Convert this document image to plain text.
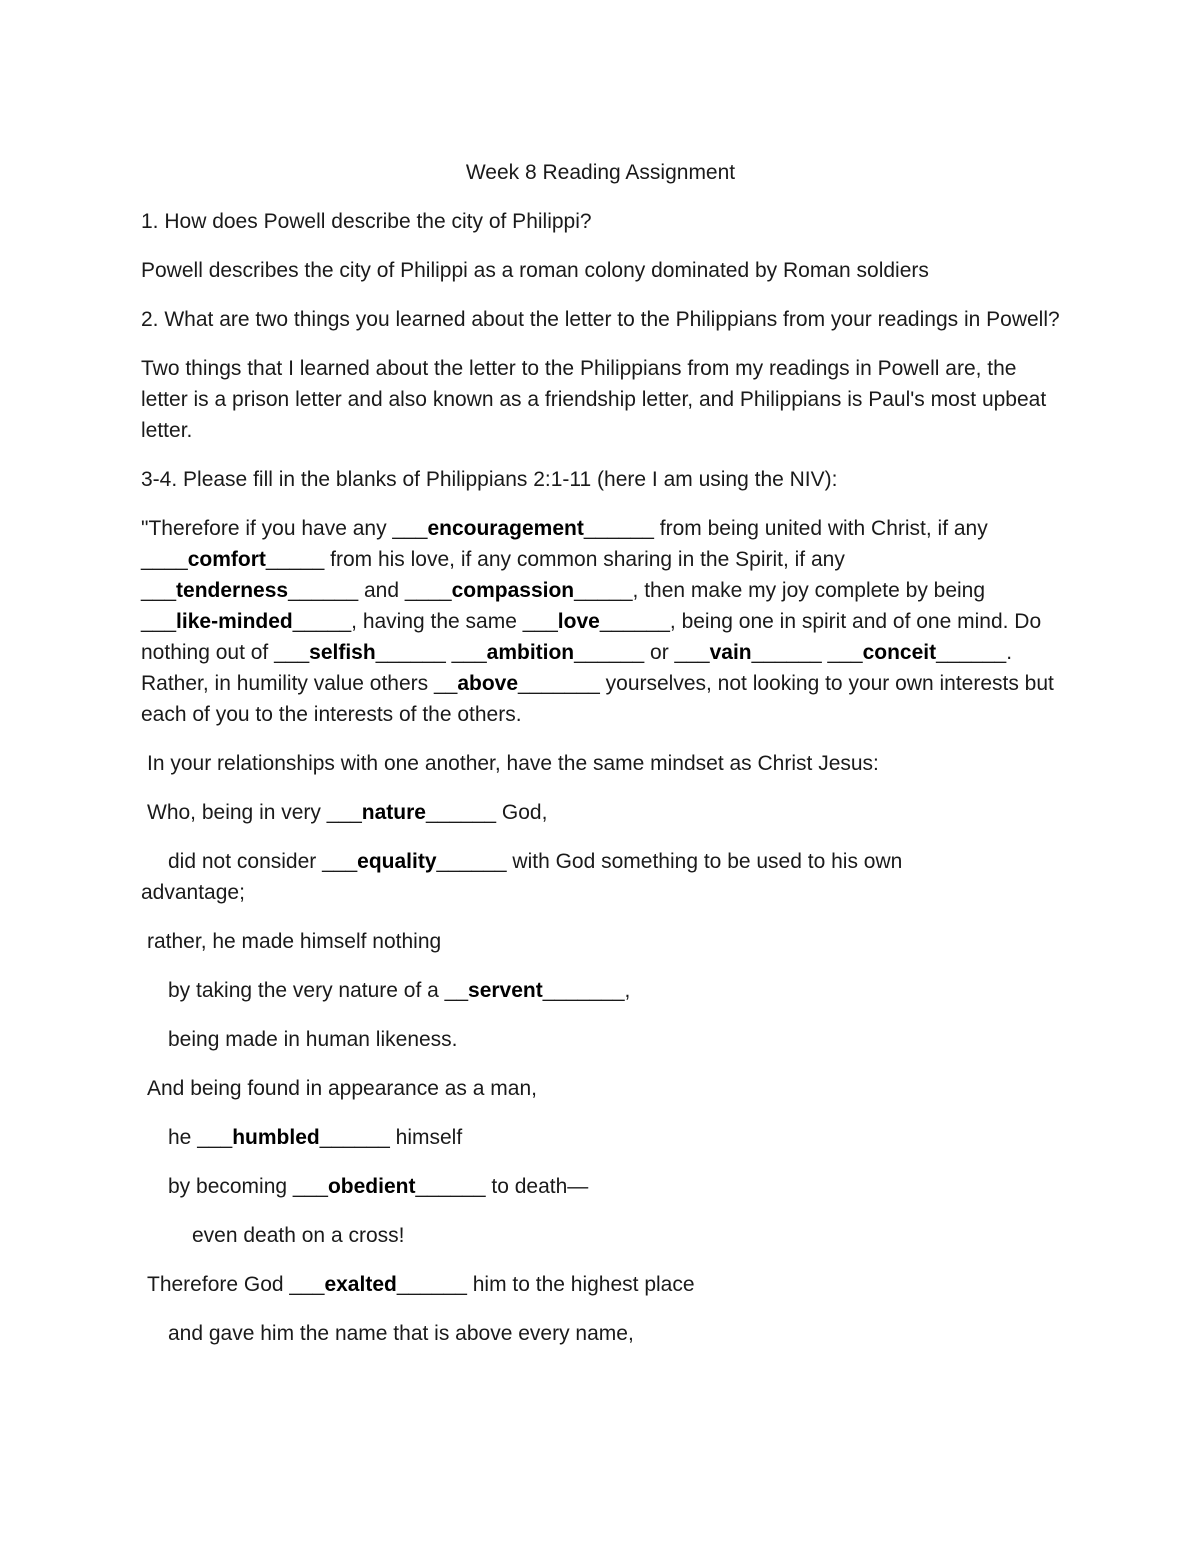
Week 8 Reading Assignment
1. How does Powell describe the city of Philippi?
Powell describes the city of Philippi as a roman colony dominated by Roman soldiers
2. What are two things you learned about the letter to the Philippians from your readings in Powell?
Two things that I learned about the letter to the Philippians from my readings in Powell are, the letter is a prison letter and also known as a friendship letter, and Philippians is Paul's most upbeat letter.
3-4. Please fill in the blanks of Philippians 2:1-11 (here I am using the NIV):
"Therefore if you have any ___encouragement______ from being united with Christ, if any ____comfort_____ from his love, if any common sharing in the Spirit, if any ___tenderness______ and ____compassion_____, then make my joy complete by being ___like-minded_____, having the same ___love______, being one in spirit and of one mind. Do nothing out of ___selfish______ ___ambition______ or ___vain______ ___conceit______. Rather, in humility value others __above_______ yourselves, not looking to your own interests but each of you to the interests of the others.
In your relationships with one another, have the same mindset as Christ Jesus:
Who, being in very ___nature______ God,
did not consider ___equality______ with God something to be used to his own
advantage;
rather, he made himself nothing
by taking the very nature of a __servent_______,
being made in human likeness.
And being found in appearance as a man,
he ___humbled______ himself
by becoming ___obedient______ to death—
even death on a cross!
Therefore God ___exalted______ him to the highest place
and gave him the name that is above every name,
